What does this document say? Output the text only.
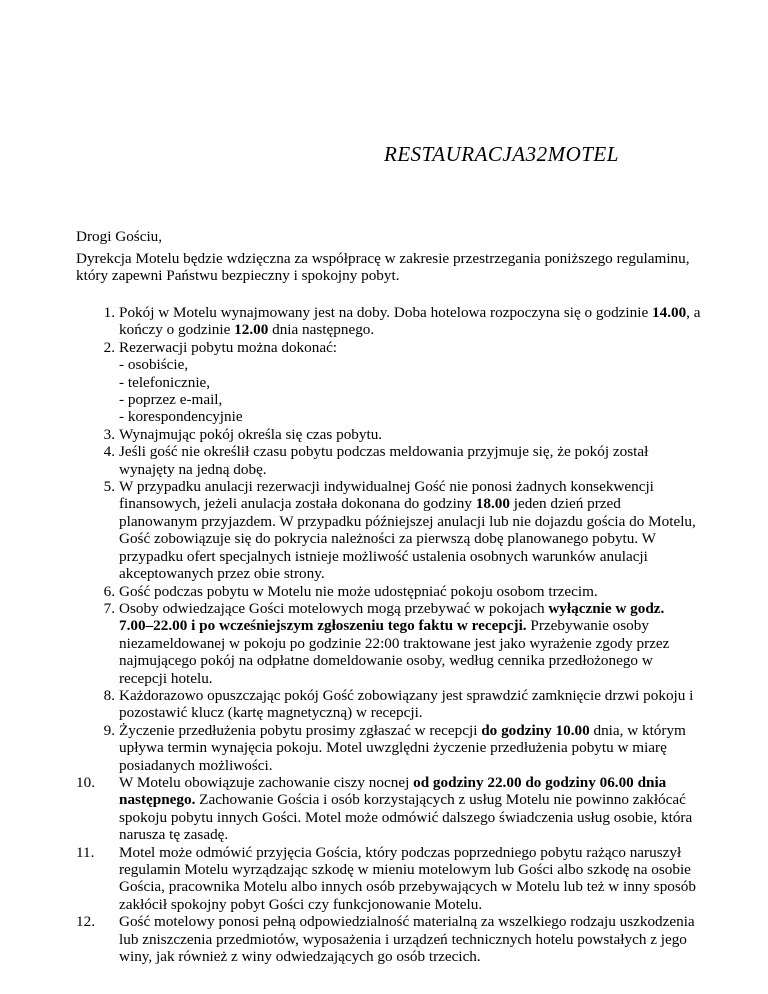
RESTAURACJA32MOTEL

Drogi Gościu,

Dyrekcja Motelu będzie wdzięczna za współpracę w zakresie przestrzegania poniższego regulaminu, który zapewni Państwu bezpieczny i spokojny pobyt.

1. Pokój w Motelu wynajmowany jest na doby. Doba hotelowa rozpoczyna się o godzinie 14.00, a kończy o godzinie 12.00 dnia następnego.
2. Rezerwacji pobytu można dokonać:
- osobiście,
- telefonicznie,
- poprzez e-mail,
- korespondencyjnie
3. Wynajmując pokój określa się czas pobytu.
4. Jeśli gość nie określił czasu pobytu podczas meldowania przyjmuje się, że pokój został wynajęty na jedną dobę.
5. W przypadku anulacji rezerwacji indywidualnej Gość nie ponosi żadnych konsekwencji finansowych, jeżeli anulacja została dokonana do godziny 18.00 jeden dzień przed planowanym przyjazdem. W przypadku późniejszej anulacji lub nie dojazdu gościa do Motelu, Gość zobowiązuje się do pokrycia należności za pierwszą dobę planowanego pobytu. W przypadku ofert specjalnych istnieje możliwość ustalenia osobnych warunków anulacji akceptowanych przez obie strony.
6. Gość podczas pobytu w Motelu nie może udostępniać pokoju osobom trzecim.
7. Osoby odwiedzające Gości motelowych mogą przebywać w pokojach wyłącznie w godz. 7.00–22.00 i po wcześniejszym zgłoszeniu tego faktu w recepcji. Przebywanie osoby niezameldowanej w pokoju po godzinie 22:00 traktowane jest jako wyrażenie zgody przez najmującego pokój na odpłatne domeldowanie osoby, według cennika przedłożonego w recepcji hotelu.
8. Każdorazowo opuszczając pokój Gość zobowiązany jest sprawdzić zamknięcie drzwi pokoju i pozostawić klucz (kartę magnetyczną) w recepcji.
9. Życzenie przedłużenia pobytu prosimy zgłaszać w recepcji do godziny 10.00 dnia, w którym upływa termin wynajęcia pokoju. Motel uwzględni życzenie przedłużenia pobytu w miarę posiadanych możliwości.
10.	W Motelu obowiązuje zachowanie ciszy nocnej od godziny 22.00 do godziny 06.00 dnia następnego. Zachowanie Gościa i osób korzystających z usług Motelu nie powinno zakłócać spokoju pobytu innych Gości. Motel może odmówić dalszego świadczenia usług osobie, która narusza tę zasadę.
11.	Motel może odmówić przyjęcia Gościa, który podczas poprzedniego pobytu rażąco naruszył regulamin Motelu wyrządzając szkodę w mieniu motelowym lub Gości albo szkodę na osobie Gościa, pracownika Motelu albo innych osób przebywających w Motelu lub też w inny sposób zakłócił spokojny pobyt Gości czy funkcjonowanie Motelu.
12.	Gość motelowy ponosi pełną odpowiedzialność materialną za wszelkiego rodzaju uszkodzenia lub zniszczenia przedmiotów, wyposażenia i urządzeń technicznych hotelu powstałych z jego winy, jak również z winy odwiedzających go osób trzecich.
